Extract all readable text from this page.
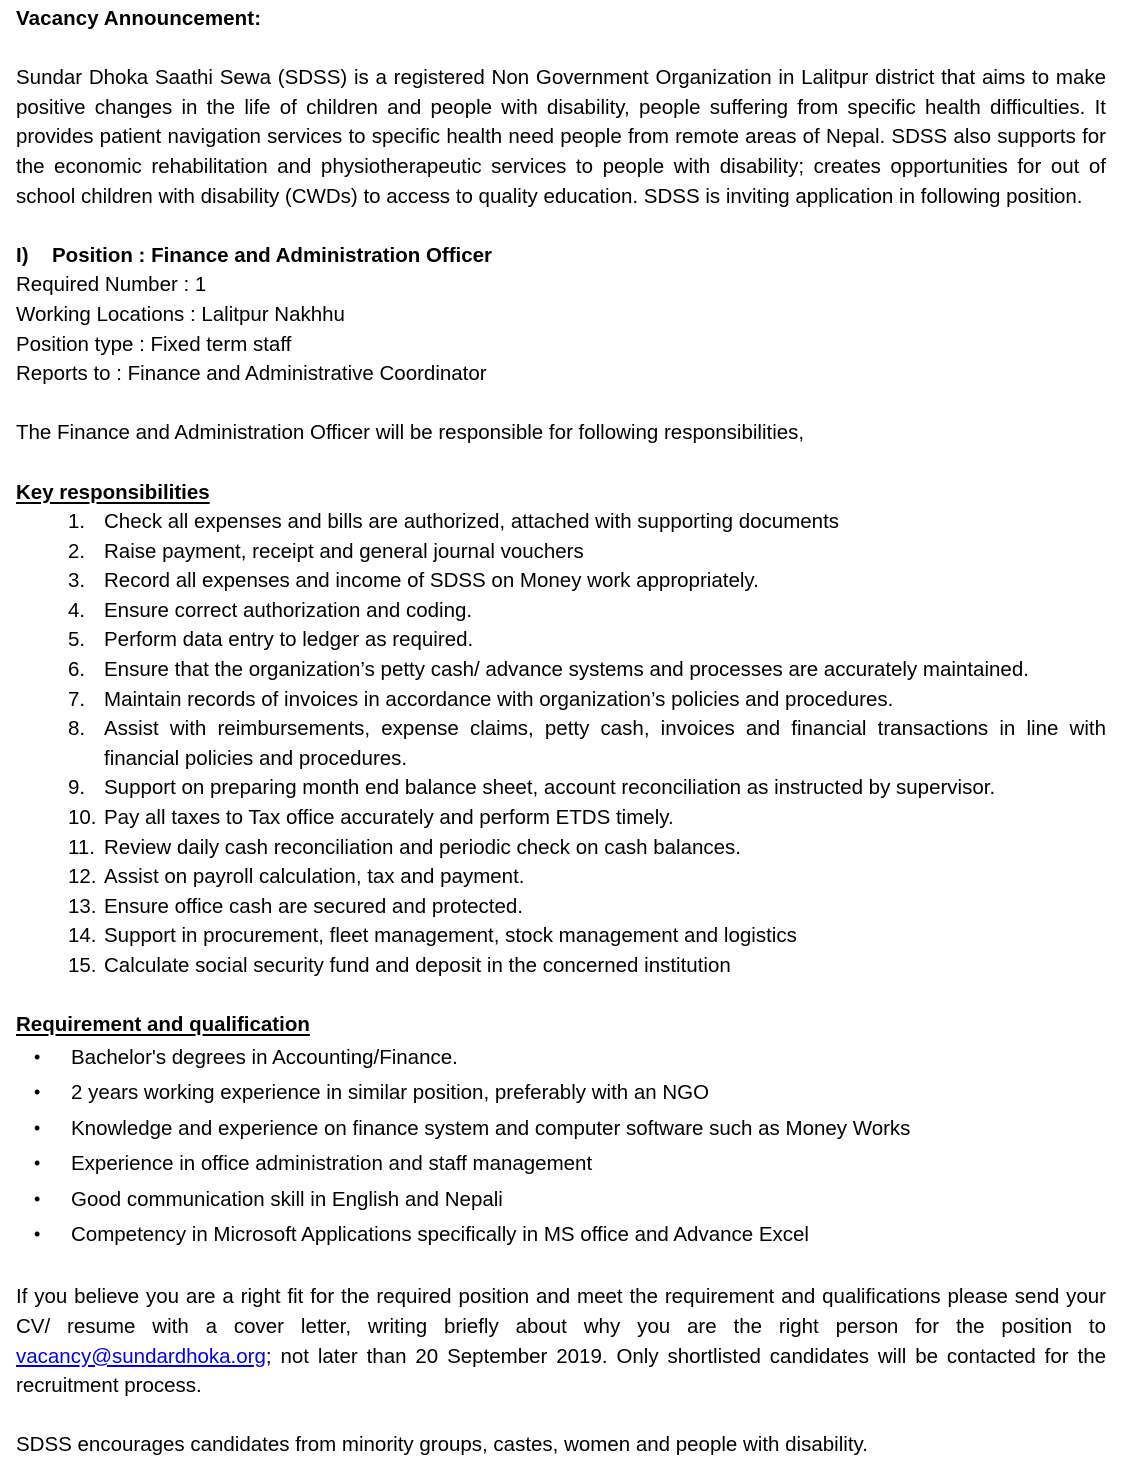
Vacancy Announcement:

Sundar Dhoka Saathi Sewa (SDSS) is a registered Non Government Organization in Lalitpur district that aims to make positive changes in the life of children and people with disability, people suffering from specific health difficulties. It provides patient navigation services to specific health need people from remote areas of Nepal. SDSS also supports for the economic rehabilitation and physiotherapeutic services to people with disability; creates opportunities for out of school children with disability (CWDs) to access to quality education. SDSS is inviting application in following position.

I) Position : Finance and Administration Officer
Required Number : 1
Working Locations : Lalitpur Nakhhu
Position type : Fixed term staff
Reports to : Finance and Administrative Coordinator

The Finance and Administration Officer will be responsible for following responsibilities,

Key responsibilities
1. Check all expenses and bills are authorized, attached with supporting documents
2. Raise payment, receipt and general journal vouchers
3. Record all expenses and income of SDSS on Money work appropriately.
4. Ensure correct authorization and coding.
5. Perform data entry to ledger as required.
6. Ensure that the organization’s petty cash/ advance systems and processes are accurately maintained.
7. Maintain records of invoices in accordance with organization’s policies and procedures.
8. Assist with reimbursements, expense claims, petty cash, invoices and financial transactions in line with financial policies and procedures.
9. Support on preparing month end balance sheet, account reconciliation as instructed by supervisor.
10. Pay all taxes to Tax office accurately and perform ETDS timely.
11. Review daily cash reconciliation and periodic check on cash balances.
12. Assist on payroll calculation, tax and payment.
13. Ensure office cash are secured and protected.
14. Support in procurement, fleet management, stock management and logistics
15. Calculate social security fund and deposit in the concerned institution
Requirement and qualification
• Bachelor's degrees in Accounting/Finance.
• 2 years working experience in similar position, preferably with an NGO
• Knowledge and experience on finance system and computer software such as Money Works
• Experience in office administration and staff management
• Good communication skill in English and Nepali
• Competency in Microsoft Applications specifically in MS office and Advance Excel

If you believe you are a right fit for the required position and meet the requirement and qualifications please send your CV/ resume with a cover letter, writing briefly about why you are the right person for the position to vacancy@sundardhoka.org; not later than 20 September 2019. Only shortlisted candidates will be contacted for the recruitment process.

SDSS encourages candidates from minority groups, castes, women and people with disability.
